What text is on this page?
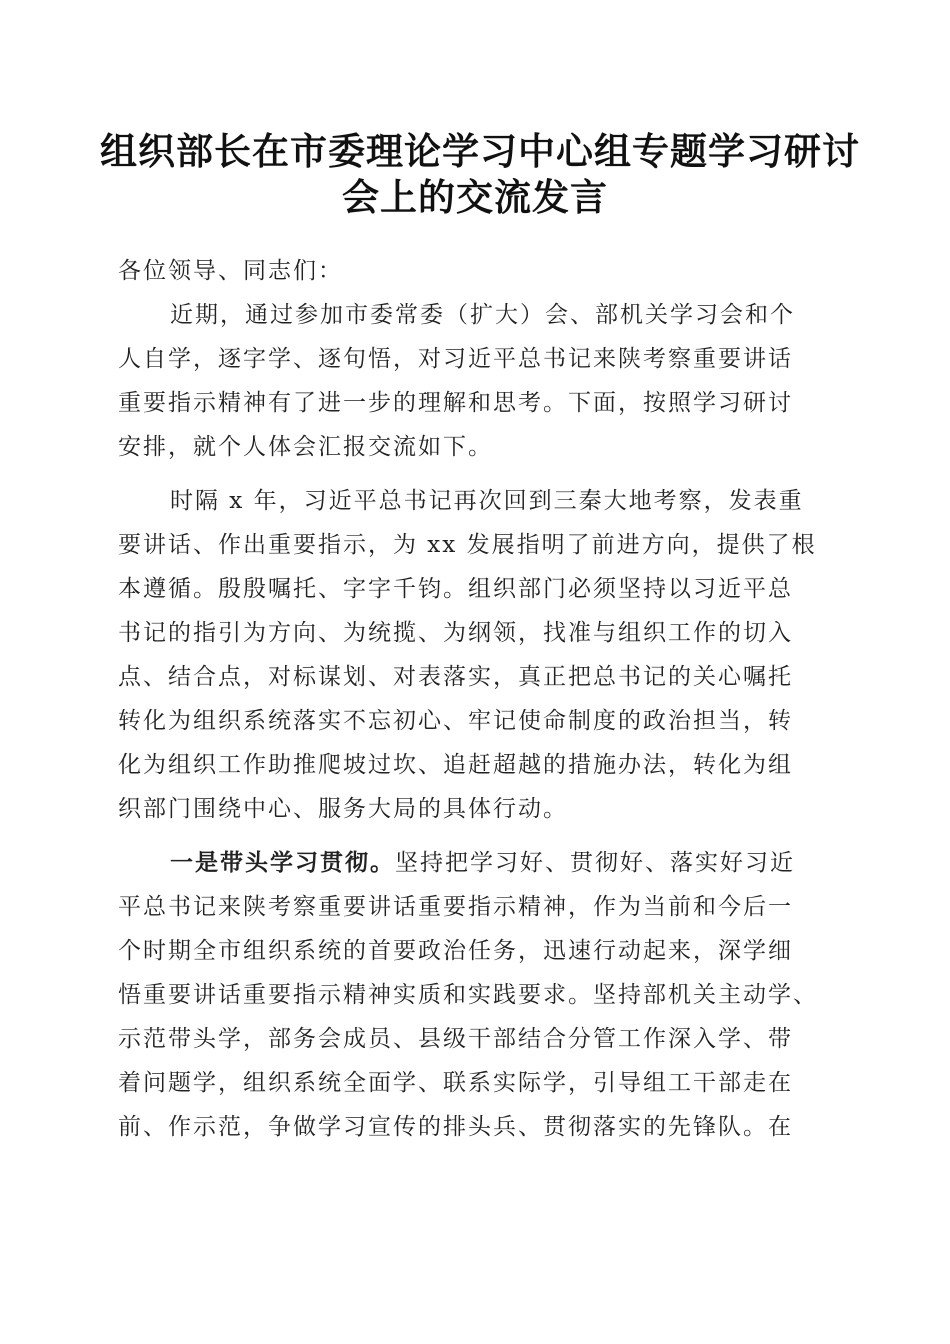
组织部长在市委理论学习中心组专题学习研讨
会上的交流发言
各位领导、同志们：
近期，通过参加市委常委（扩大）会、部机关学习会和个
人自学，逐字学、逐句悟，对习近平总书记来陕考察重要讲话
重要指示精神有了进一步的理解和思考。下面，按照学习研讨
安排，就个人体会汇报交流如下。
时隔 x 年，习近平总书记再次回到三秦大地考察，发表重
要讲话、作出重要指示，为 xx 发展指明了前进方向，提供了根
本遵循。殷殷嘱托、字字千钧。组织部门必须坚持以习近平总
书记的指引为方向、为统揽、为纲领，找准与组织工作的切入
点、结合点，对标谋划、对表落实，真正把总书记的关心嘱托
转化为组织系统落实不忘初心、牢记使命制度的政治担当，转
化为组织工作助推爬坡过坎、追赶超越的措施办法，转化为组
织部门围绕中心、服务大局的具体行动。
一是带头学习贯彻。坚持把学习好、贯彻好、落实好习近
平总书记来陕考察重要讲话重要指示精神，作为当前和今后一
个时期全市组织系统的首要政治任务，迅速行动起来，深学细
悟重要讲话重要指示精神实质和实践要求。坚持部机关主动学、
示范带头学，部务会成员、县级干部结合分管工作深入学、带
着问题学，组织系统全面学、联系实际学，引导组工干部走在
前、作示范，争做学习宣传的排头兵、贯彻落实的先锋队。在
